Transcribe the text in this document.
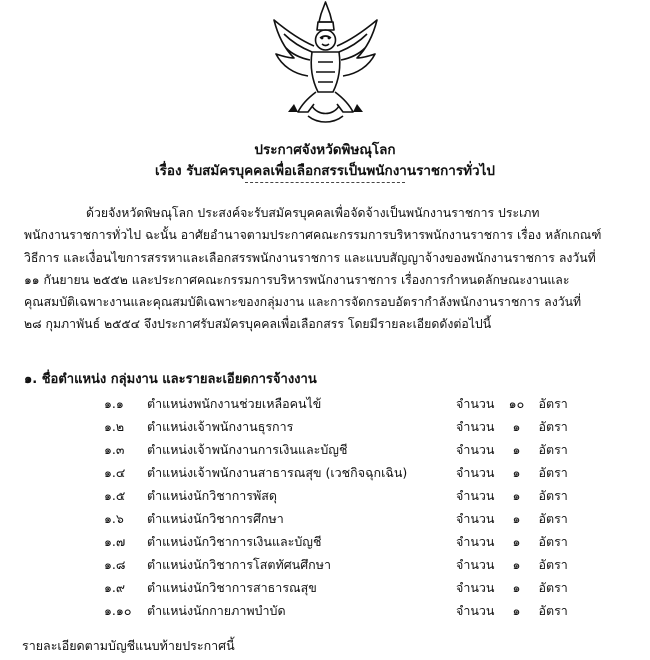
ประกาศจังหวัดพิษณุโลก
เรื่อง รับสมัครบุคคลเพื่อเลือกสรรเป็นพนักงานราชการทั่วไป
ด้วยจังหวัดพิษณุโลก ประสงค์จะรับสมัครบุคคลเพื่อจัดจ้างเป็นพนักงานราชการ ประเภท
พนักงานราชการทั่วไป ฉะนั้น อาศัยอำนาจตามประกาศคณะกรรมการบริหารพนักงานราชการ เรื่อง หลักเกณฑ์
วิธีการ และเงื่อนไขการสรรหาและเลือกสรรพนักงานราชการ และแบบสัญญาจ้างของพนักงานราชการ ลงวันที่
๑๑ กันยายน ๒๕๕๒ และประกาศคณะกรรมการบริหารพนักงานราชการ เรื่องการกำหนดลักษณะงานและ
คุณสมบัติเฉพาะงานและคุณสมบัติเฉพาะของกลุ่มงาน และการจัดกรอบอัตรากำลังพนักงานราชการ ลงวันที่
๒๘ กุมภาพันธ์ ๒๕๕๔ จึงประกาศรับสมัครบุคคลเพื่อเลือกสรร โดยมีรายละเอียดดังต่อไปนี้
๑. ชื่อตำแหน่ง กลุ่มงาน และรายละเอียดการจ้างงาน
๑.๑ ตำแหน่งพนักงานช่วยเหลือคนไข้	จำนวน ๑๐ อัตรา
๑.๒ ตำแหน่งเจ้าพนักงานธุรการ	จำนวน ๑ อัตรา
๑.๓ ตำแหน่งเจ้าพนักงานการเงินและบัญชี	จำนวน ๑ อัตรา
๑.๔ ตำแหน่งเจ้าพนักงานสาธารณสุข (เวชกิจฉุกเฉิน)	จำนวน ๑ อัตรา
๑.๕ ตำแหน่งนักวิชาการพัสดุ	จำนวน ๑ อัตรา
๑.๖ ตำแหน่งนักวิชาการศึกษา	จำนวน ๑ อัตรา
๑.๗ ตำแหน่งนักวิชาการเงินและบัญชี	จำนวน ๑ อัตรา
๑.๘ ตำแหน่งนักวิชาการโสตทัศนศึกษา	จำนวน ๑ อัตรา
๑.๙ ตำแหน่งนักวิชาการสาธารณสุข	จำนวน ๑ อัตรา
๑.๑๐ ตำแหน่งนักกายภาพบำบัด	จำนวน ๑ อัตรา
รายละเอียดตามบัญชีแนบท้ายประกาศนี้
